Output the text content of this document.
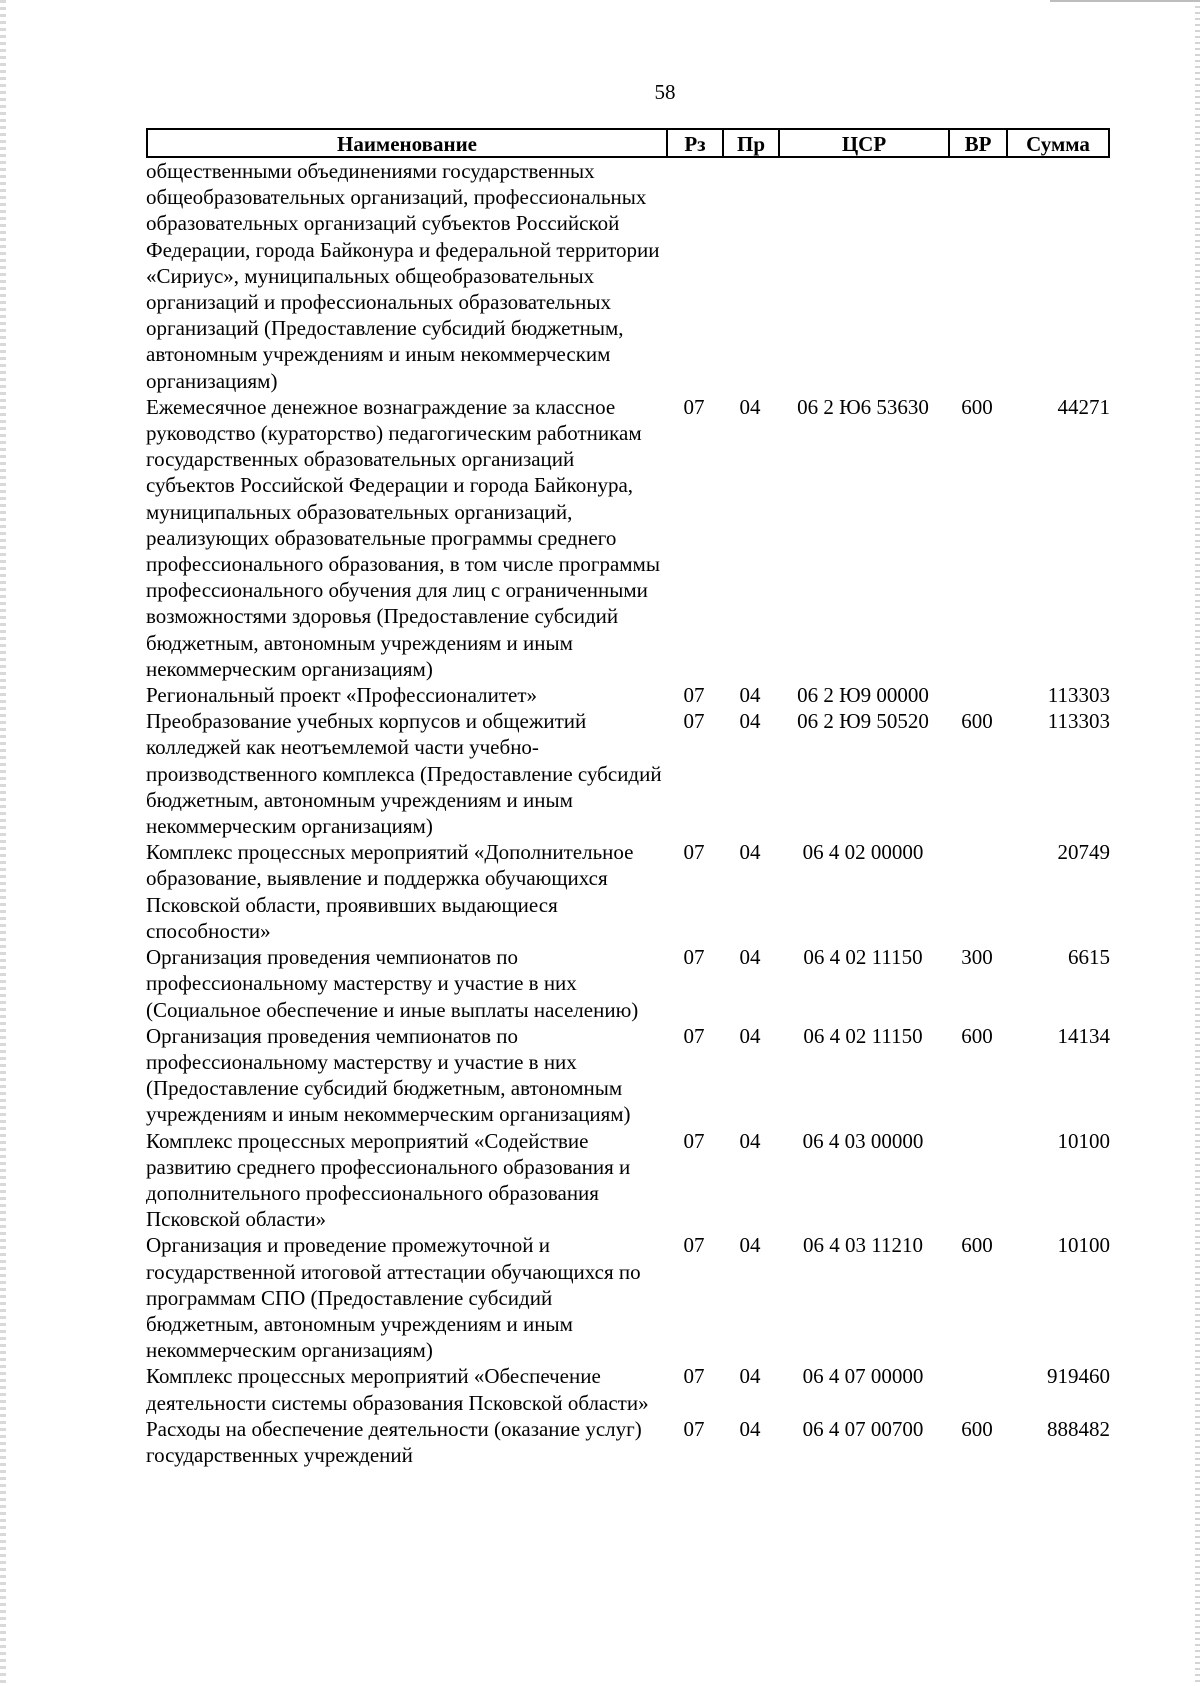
58
Наименование	Рз	Пр	ЦСР	ВР	Сумма
общественными объединениями государственных общеобразовательных организаций, профессиональных образовательных организаций субъектов Российской Федерации, города Байконура и федеральной территории «Сириус», муниципальных общеобразовательных организаций и профессиональных образовательных организаций (Предоставление субсидий бюджетным, автономным учреждениям и иным некоммерческим организациям)					
Ежемесячное денежное вознаграждение за классное руководство (кураторство) педагогическим работникам государственных образовательных организаций субъектов Российской Федерации и города Байконура, муниципальных образовательных организаций, реализующих образовательные программы среднего профессионального образования, в том числе программы профессионального обучения для лиц с ограниченными возможностями здоровья (Предоставление субсидий бюджетным, автономным учреждениям и иным некоммерческим организациям)	07	04	06 2 Ю6 53630	600	44271
Региональный проект «Профессионалитет»	07	04	06 2 Ю9 00000		113303
Преобразование учебных корпусов и общежитий колледжей как неотъемлемой части учебно-производственного комплекса (Предоставление субсидий бюджетным, автономным учреждениям и иным некоммерческим организациям)	07	04	06 2 Ю9 50520	600	113303
Комплекс процессных мероприятий «Дополнительное образование, выявление и поддержка обучающихся Псковской области, проявивших выдающиеся способности»	07	04	06 4 02 00000		20749
Организация проведения чемпионатов по профессиональному мастерству и участие в них (Социальное обеспечение и иные выплаты населению)	07	04	06 4 02 11150	300	6615
Организация проведения чемпионатов по профессиональному мастерству и участие в них (Предоставление субсидий бюджетным, автономным учреждениям и иным некоммерческим организациям)	07	04	06 4 02 11150	600	14134
Комплекс процессных мероприятий «Содействие развитию среднего профессионального образования и дополнительного профессионального образования Псковской области»	07	04	06 4 03 00000		10100
Организация и проведение промежуточной и государственной итоговой аттестации обучающихся по программам СПО (Предоставление субсидий бюджетным, автономным учреждениям и иным некоммерческим организациям)	07	04	06 4 03 11210	600	10100
Комплекс процессных мероприятий «Обеспечение деятельности системы образования Псковской области»	07	04	06 4 07 00000		919460
Расходы на обеспечение деятельности (оказание услуг) государственных учреждений	07	04	06 4 07 00700	600	888482
